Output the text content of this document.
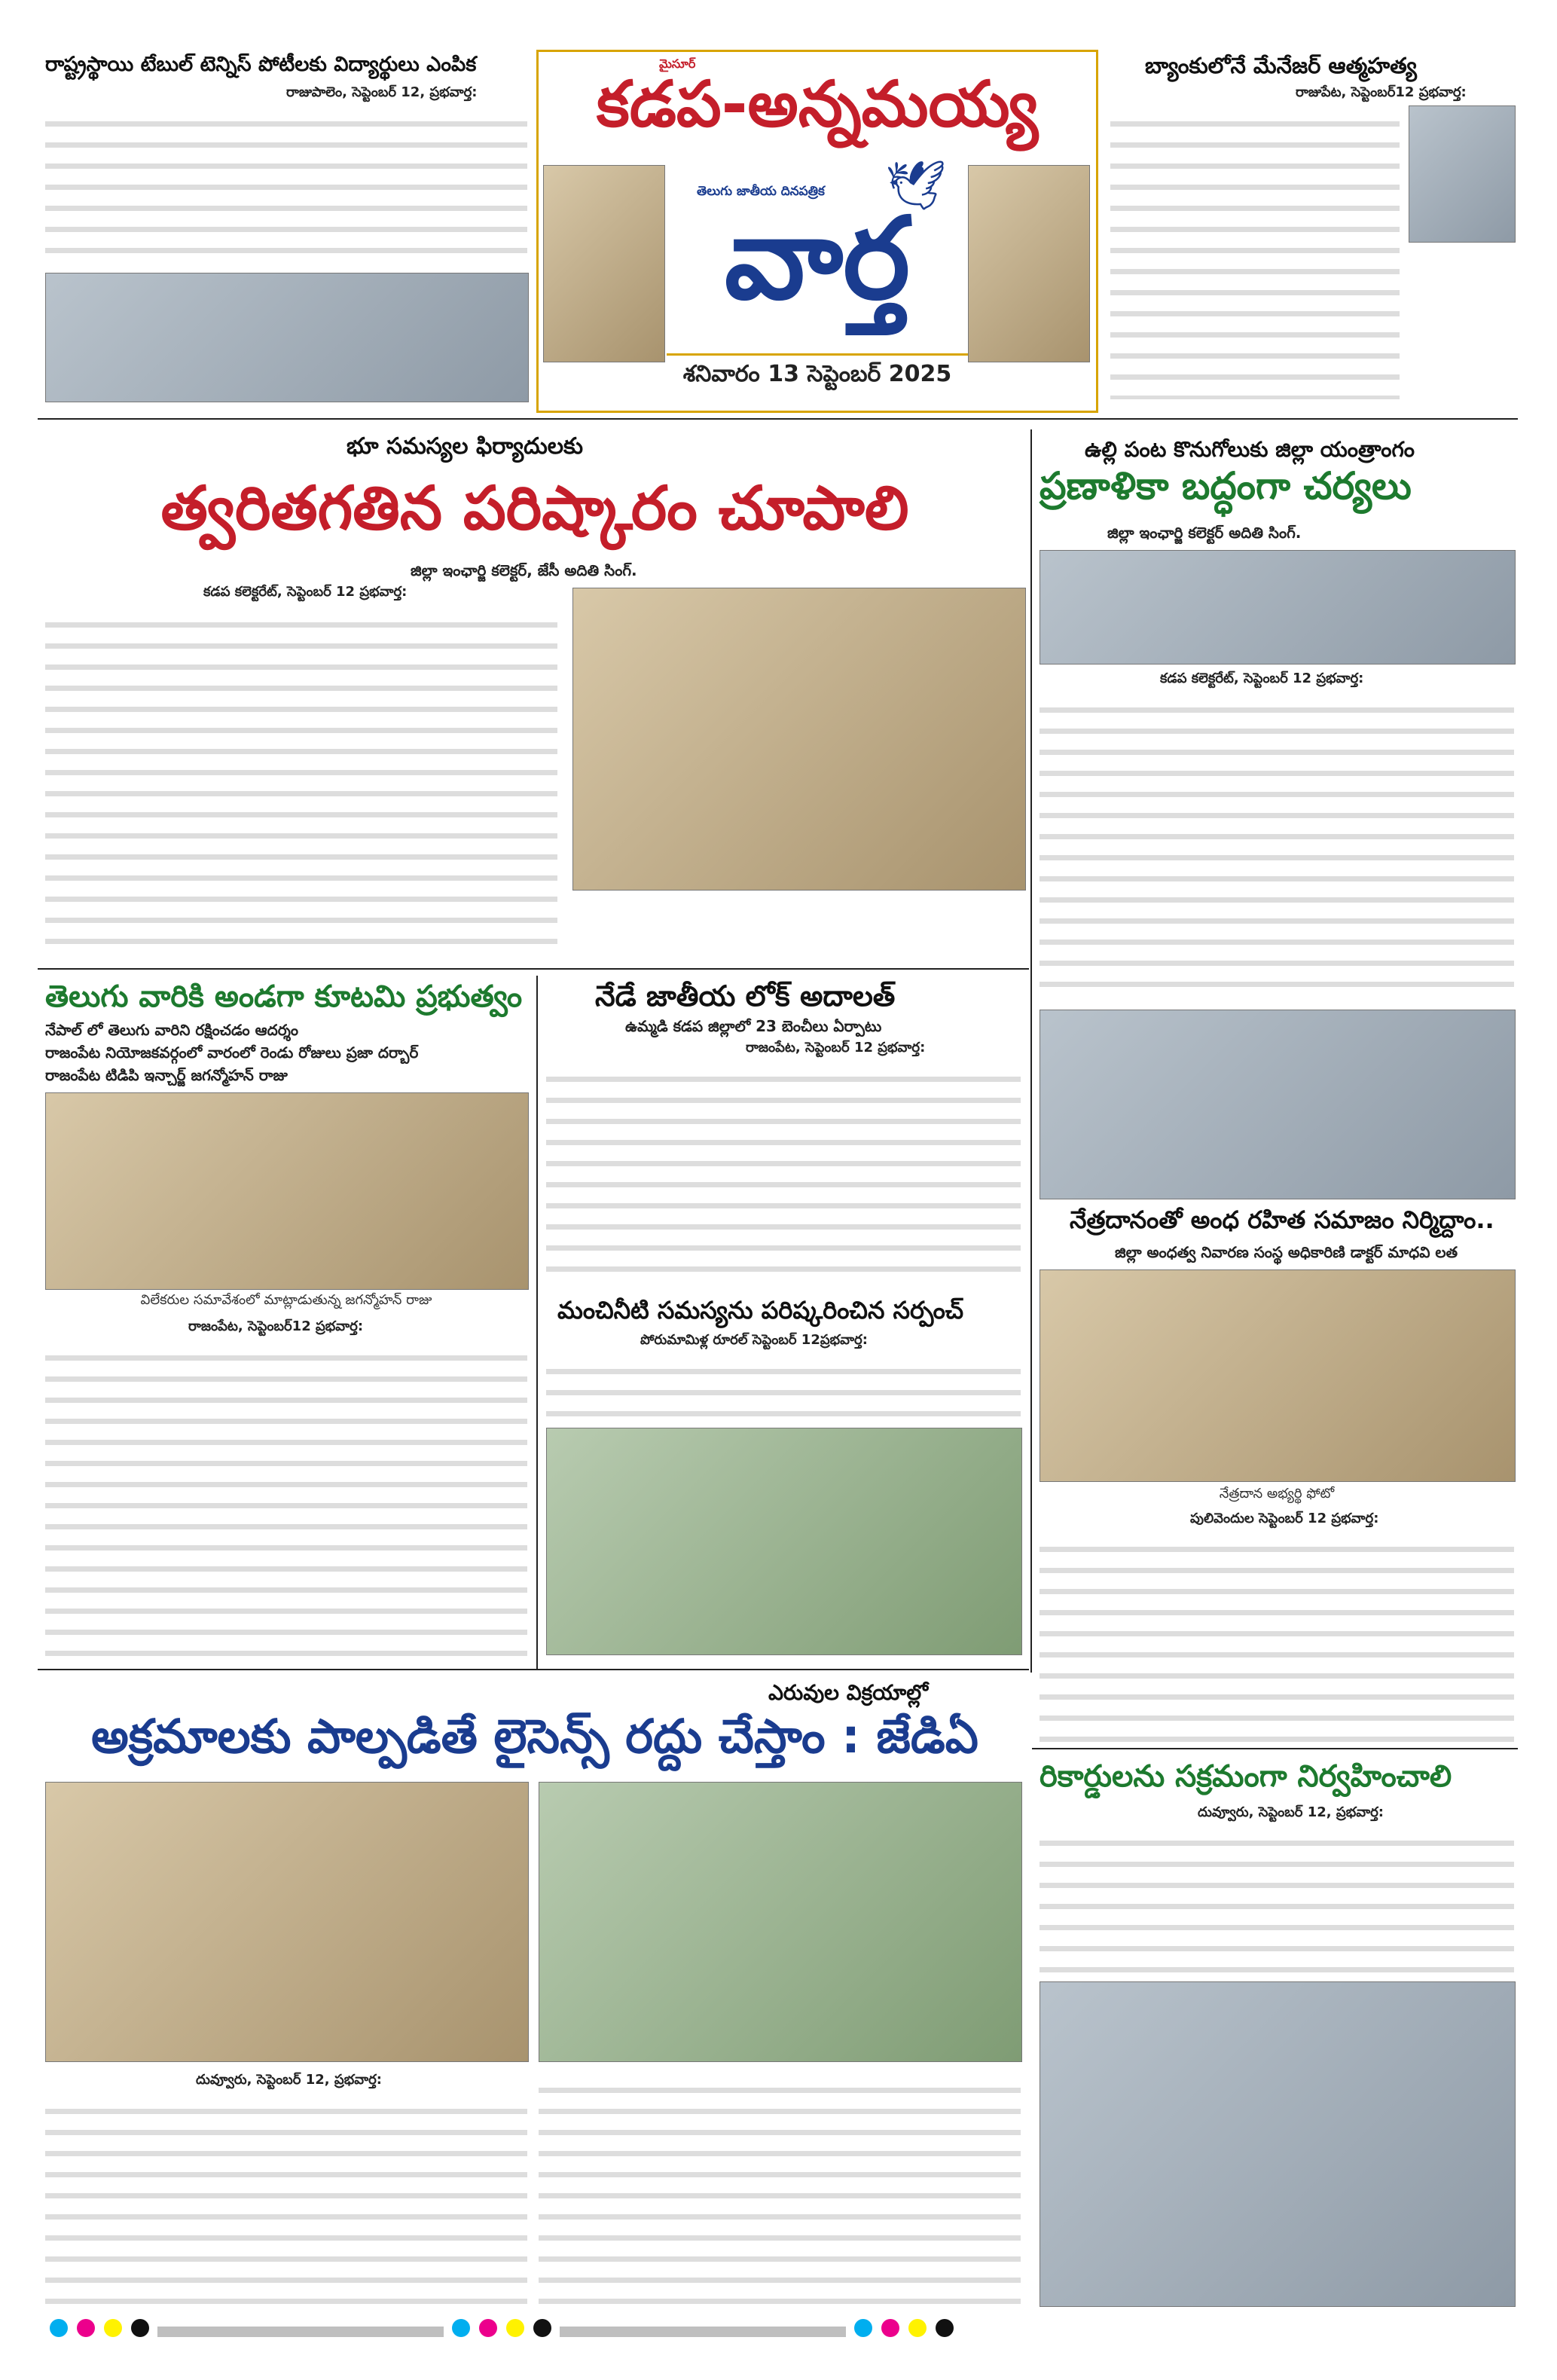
రాష్ట్రస్థాయి టేబుల్ టెన్నిస్ పోటీలకు విద్యార్థులు ఎంపిక
రాజుపాలెం, సెప్టెంబర్ 12, ప్రభవార్త:
మైసూర్
కడప-అన్నమయ్య
తెలుగు జాతీయ దినపత్రిక 🕊
వార్త
శనివారం 13 సెప్టెంబర్ 2025
బ్యాంకులోనే మేనేజర్ ఆత్మహత్య
రాజుపేట, సెప్టెంబర్12 ప్రభవార్త:
భూ సమస్యల ఫిర్యాదులకు
త్వరితగతిన పరిష్కారం చూపాలి
జిల్లా ఇంఛార్జి కలెక్టర్, జేసీ అదితి సింగ్.
కడప కలెక్టరేట్, సెప్టెంబర్ 12 ప్రభవార్త:
ఉల్లి పంట కొనుగోలుకు జిల్లా యంత్రాంగం
ప్రణాళికా బద్ధంగా చర్యలు
జిల్లా ఇంఛార్జి కలెక్టర్ అదితి సింగ్.
కడప కలెక్టరేట్, సెప్టెంబర్ 12 ప్రభవార్త:
తెలుగు వారికి అండగా కూటమి ప్రభుత్వం
నేపాల్ లో తెలుగు వారిని రక్షించడం ఆదర్శం
రాజంపేట నియోజకవర్గంలో వారంలో రెండు రోజులు ప్రజా దర్బార్
రాజంపేట టిడిపి ఇన్చార్జ్ జగన్మోహన్ రాజు
విలేకరుల సమావేశంలో మాట్లాడుతున్న జగన్మోహన్ రాజు
రాజంపేట, సెప్టెంబర్12 ప్రభవార్త:
నేడే జాతీయ లోక్ అదాలత్
ఉమ్మడి కడప జిల్లాలో 23 బెంచీలు ఏర్పాటు
రాజంపేట, సెప్టెంబర్ 12 ప్రభవార్త:
మంచినీటి సమస్యను పరిష్కరించిన సర్పంచ్
పోరుమామిళ్ల రూరల్ సెప్టెంబర్ 12ప్రభవార్త:
నేత్రదానంతో అంధ రహిత సమాజం నిర్మిద్దాం..
జిల్లా అంధత్వ నివారణ సంస్థ అధికారిణి డాక్టర్ మాధవి లత
నేత్రదాన అభ్యర్థి ఫోటో
పులివెందుల సెప్టెంబర్ 12 ప్రభవార్త:
ఎరువుల విక్రయాల్లో
అక్రమాలకు పాల్పడితే లైసెన్స్ రద్దు చేస్తాం : జేడిఏ
దువ్వూరు, సెప్టెంబర్ 12, ప్రభవార్త:
రికార్డులను సక్రమంగా నిర్వహించాలి
దువ్వూరు, సెప్టెంబర్ 12, ప్రభవార్త:
